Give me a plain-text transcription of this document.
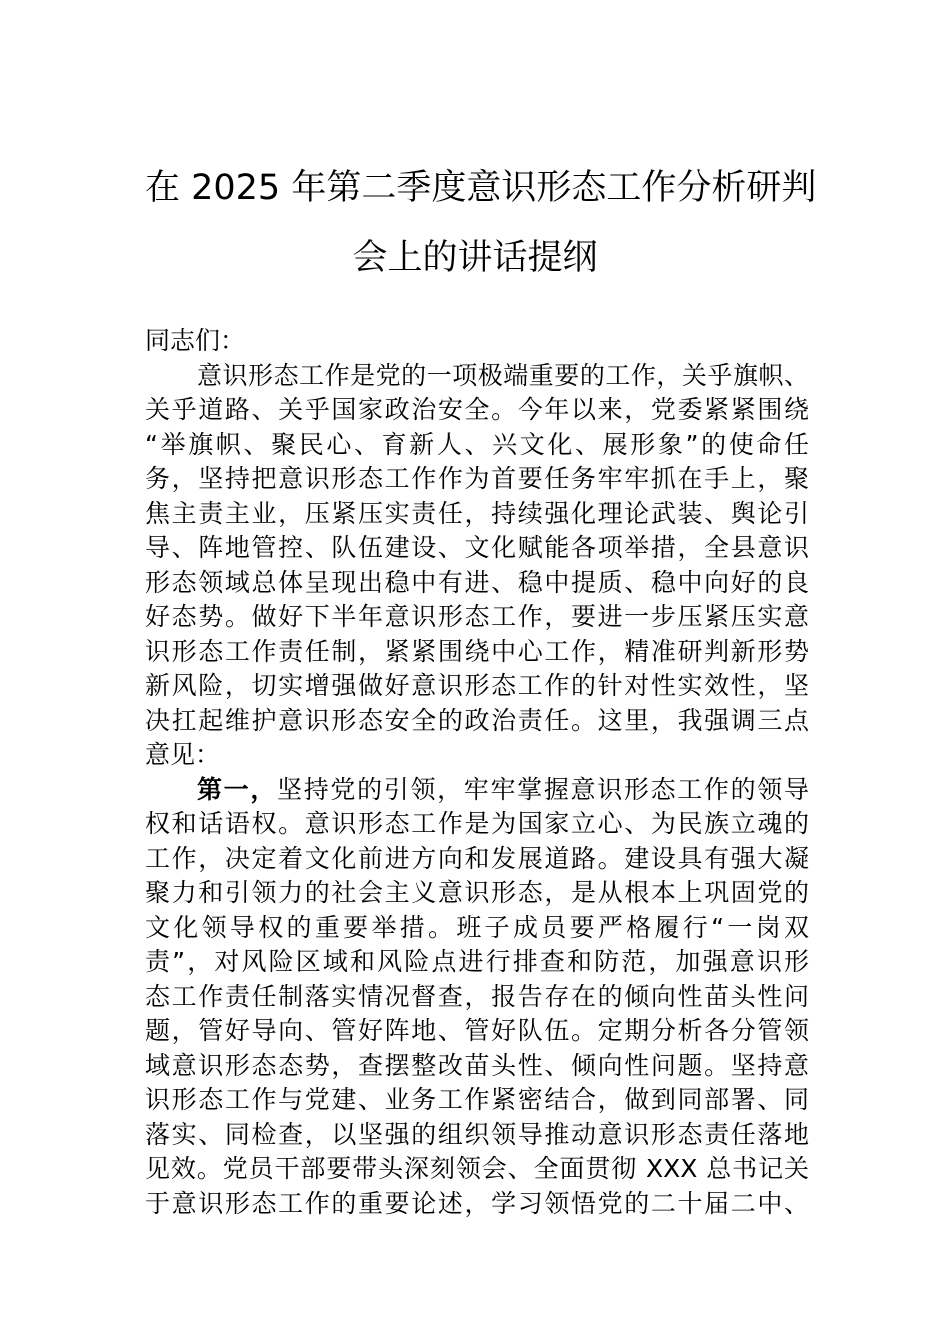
在 2025 年第二季度意识形态工作分析研判
会上的讲话提纲
同志们：
意识形态工作是党的一项极端重要的工作，关乎旗帜、
关乎道路、关乎国家政治安全。今年以来，党委紧紧围绕
“举旗帜、聚民心、育新人、兴文化、展形象”的使命任
务，坚持把意识形态工作作为首要任务牢牢抓在手上，聚
焦主责主业，压紧压实责任，持续强化理论武装、舆论引
导、阵地管控、队伍建设、文化赋能各项举措，全县意识
形态领域总体呈现出稳中有进、稳中提质、稳中向好的良
好态势。做好下半年意识形态工作，要进一步压紧压实意
识形态工作责任制，紧紧围绕中心工作，精准研判新形势
新风险，切实增强做好意识形态工作的针对性实效性，坚
决扛起维护意识形态安全的政治责任。这里，我强调三点
意见：
第一，坚持党的引领，牢牢掌握意识形态工作的领导
权和话语权。意识形态工作是为国家立心、为民族立魂的
工作，决定着文化前进方向和发展道路。建设具有强大凝
聚力和引领力的社会主义意识形态，是从根本上巩固党的
文化领导权的重要举措。班子成员要严格履行“一岗双
责”，对风险区域和风险点进行排查和防范，加强意识形
态工作责任制落实情况督查，报告存在的倾向性苗头性问
题，管好导向、管好阵地、管好队伍。定期分析各分管领
域意识形态态势，查摆整改苗头性、倾向性问题。坚持意
识形态工作与党建、业务工作紧密结合，做到同部署、同
落实、同检查，以坚强的组织领导推动意识形态责任落地
见效。党员干部要带头深刻领会、全面贯彻 XXX 总书记关
于意识形态工作的重要论述，学习领悟党的二十届二中、
